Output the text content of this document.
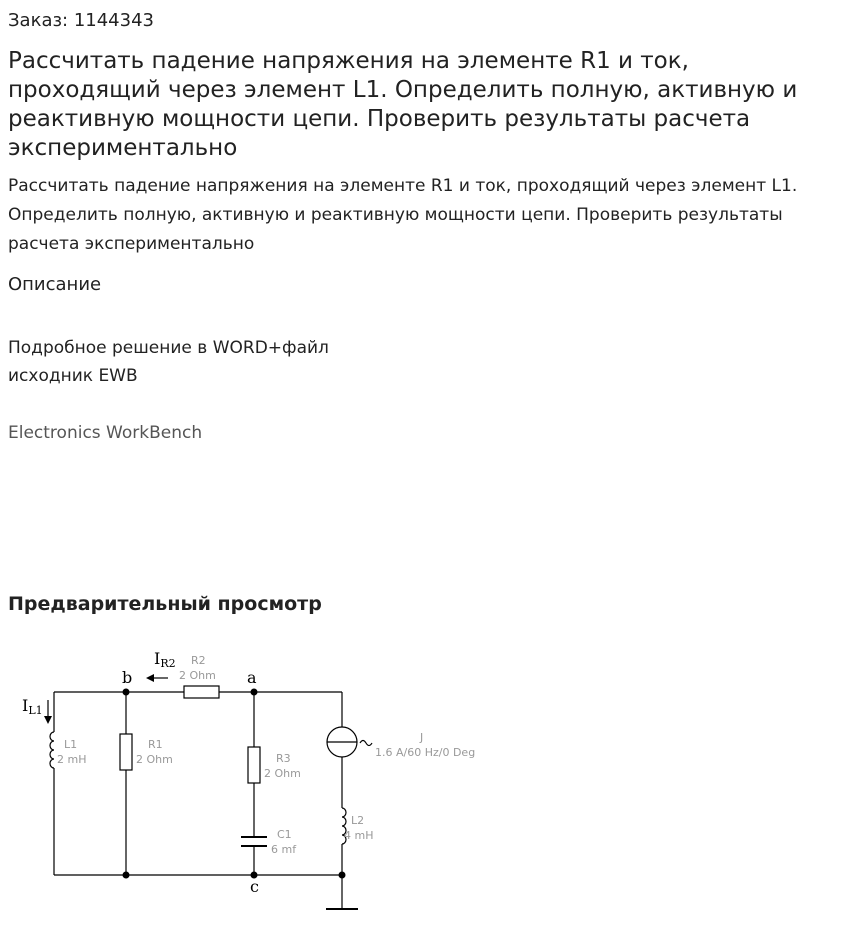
Заказ: 1144343
Рассчитать падение напряжения на элементе R1 и ток, проходящий через элемент L1. Определить полную, активную и реактивную мощности цепи. Проверить результаты расчета экспериментально

Рассчитать падение напряжения на элементе R1 и ток, проходящий через элемент L1. Определить полную, активную и реактивную мощности цепи. Проверить результаты расчета экспериментально

Описание
Подробное решение в WORD+файл
исходник EWB
Electronics WorkBench
Предварительный просмотр
b	a
c
IL1
IR2
L1
2 mH
R1
2 Ohm
R2
2 Ohm
R3
2 Ohm
C1
6 mf
L2
4 mH
J
1.6 A/60 Hz/0 Deg
